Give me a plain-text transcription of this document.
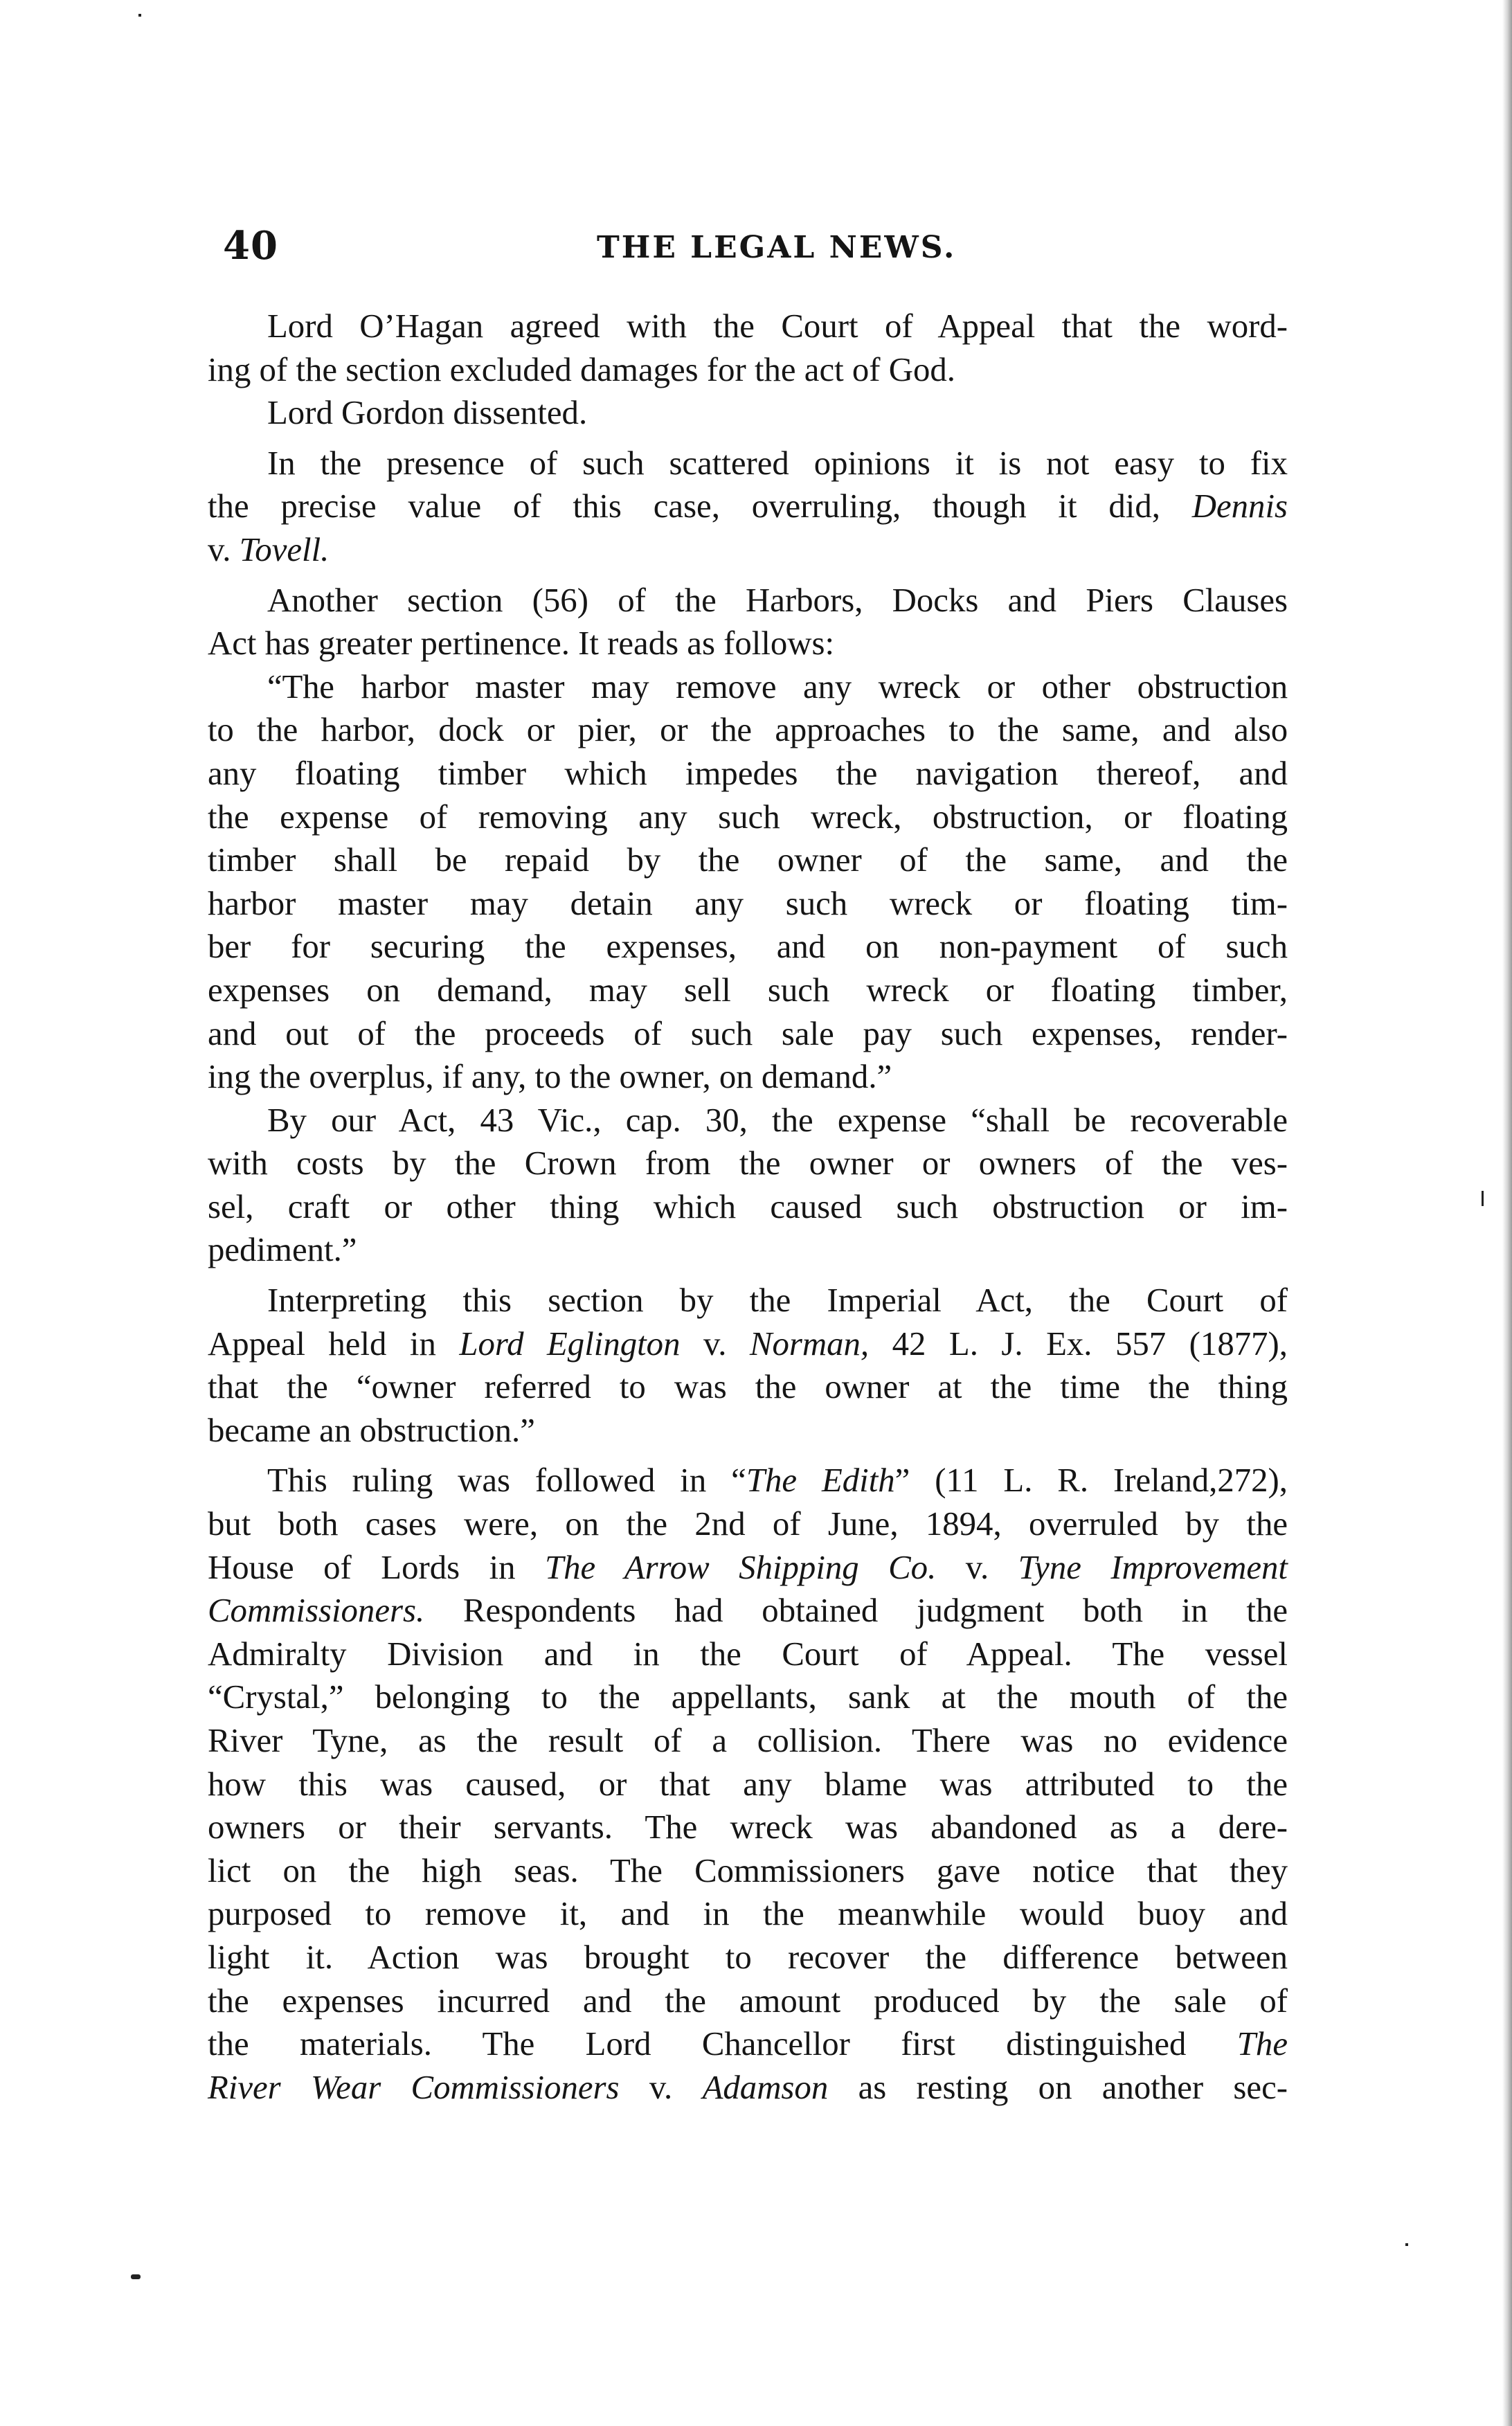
40	THE LEGAL NEWS.
Lord O’Hagan agreed with the Court of Appeal that the word-
ing of the section excluded damages for the act of God.
Lord Gordon dissented.
In the presence of such scattered opinions it is not easy to fix
the precise value of this case, overruling, though it did, Dennis
v. Tovell.
Another section (56) of the Harbors, Docks and Piers Clauses
Act has greater pertinence. It reads as follows:
“The harbor master may remove any wreck or other obstruction
to the harbor, dock or pier, or the approaches to the same, and also
any floating timber which impedes the navigation thereof, and
the expense of removing any such wreck, obstruction, or floating
timber shall be repaid by the owner of the same, and the
harbor master may detain any such wreck or floating tim-
ber for securing the expenses, and on non-payment of such
expenses on demand, may sell such wreck or floating timber,
and out of the proceeds of such sale pay such expenses, render-
ing the overplus, if any, to the owner, on demand.”
By our Act, 43 Vic., cap. 30, the expense “shall be recoverable
with costs by the Crown from the owner or owners of the ves-
sel, craft or other thing which caused such obstruction or im-
pediment.”
Interpreting this section by the Imperial Act, the Court of
Appeal held in Lord Eglington v. Norman, 42 L. J. Ex. 557 (1877),
that the “owner referred to was the owner at the time the thing
became an obstruction.”
This ruling was followed in “The Edith” (11 L. R. Ireland,272),
but both cases were, on the 2nd of June, 1894, overruled by the
House of Lords in The Arrow Shipping Co. v. Tyne Improvement
Commissioners. Respondents had obtained judgment both in the
Admiralty Division and in the Court of Appeal. The vessel
“Crystal,” belonging to the appellants, sank at the mouth of the
River Tyne, as the result of a collision. There was no evidence
how this was caused, or that any blame was attributed to the
owners or their servants. The wreck was abandoned as a dere-
lict on the high seas. The Commissioners gave notice that they
purposed to remove it, and in the meanwhile would buoy and
light it. Action was brought to recover the difference between
the expenses incurred and the amount produced by the sale of
the materials. The Lord Chancellor first distinguished The
River Wear Commissioners v. Adamson as resting on another sec-
